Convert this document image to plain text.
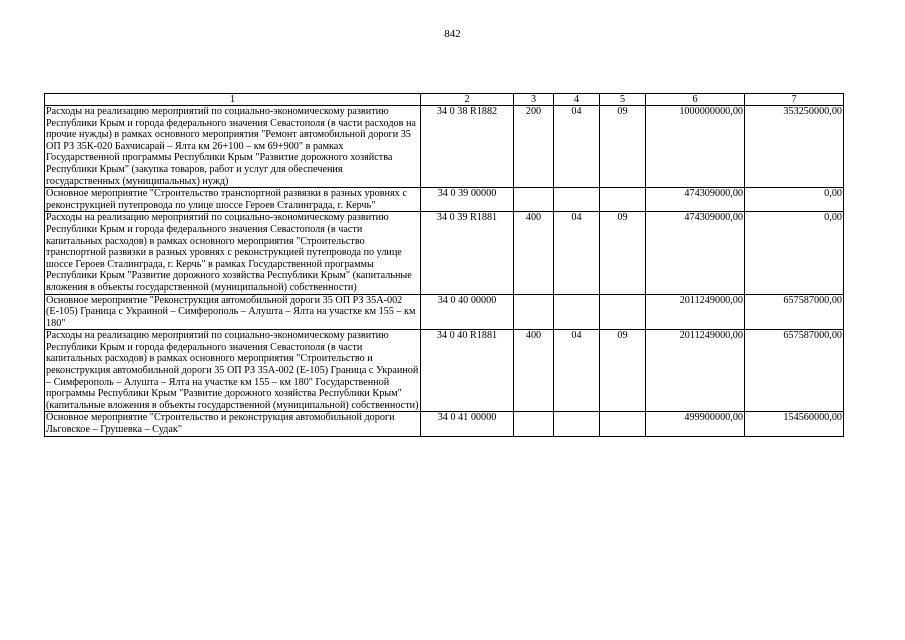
842
1	2	3	4	5	6	7
Расходы на реализацию мероприятий по социально-экономическому развитию Республики Крым и города федерального значения Севастополя (в части расходов на прочие нужды) в рамках основного мероприятия "Ремонт автомобильной дороги 35 ОП РЗ 35К-020 Бахчисарай – Ялта км 26+100 – км 69+900" в рамках Государственной программы Республики Крым "Развитие дорожного хозяйства Республики Крым" (закупка товаров, работ и услуг для обеспечения государственных (муниципальных) нужд)	34 0 38 R1882	200	04	09	1000000000,00	353250000,00
Основное мероприятие "Строительство транспортной развязки в разных уровнях с реконструкцией путепровода по улице шоссе Героев Сталинграда, г. Керчь"	34 0 39 00000				474309000,00	0,00
Расходы на реализацию мероприятий по социально-экономическому развитию Республики Крым и города федерального значения Севастополя (в части капитальных расходов) в рамках основного мероприятия "Строительство транспортной развязки в разных уровнях с реконструкцией путепровода по улице шоссе Героев Сталинграда, г. Керчь" в рамках Государственной программы Республики Крым "Развитие дорожного хозяйства Республики Крым" (капитальные вложения в объекты государственной (муниципальной) собственности)	34 0 39 R1881	400	04	09	474309000,00	0,00
Основное мероприятие "Реконструкция автомобильной дороги 35 ОП РЗ 35А-002 (Е-105) Граница с Украиной – Симферополь – Алушта – Ялта на участке км 155 – км 180"	34 0 40 00000				2011249000,00	657587000,00
Расходы на реализацию мероприятий по социально-экономическому развитию Республики Крым и города федерального значения Севастополя (в части капитальных расходов) в рамках основного мероприятия "Строительство и реконструкция автомобильной дороги 35 ОП РЗ 35А-002 (Е-105) Граница с Украиной – Симферополь – Алушта – Ялта на участке км 155 – км 180" Государственной программы Республики Крым "Развитие дорожного хозяйства Республики Крым" (капитальные вложения в объекты государственной (муниципальной) собственности)	34 0 40 R1881	400	04	09	2011249000,00	657587000,00
Основное мероприятие "Строительство и реконструкция автомобильной дороги Льговское – Грушевка – Судак"	34 0 41 00000				499900000,00	154560000,00
